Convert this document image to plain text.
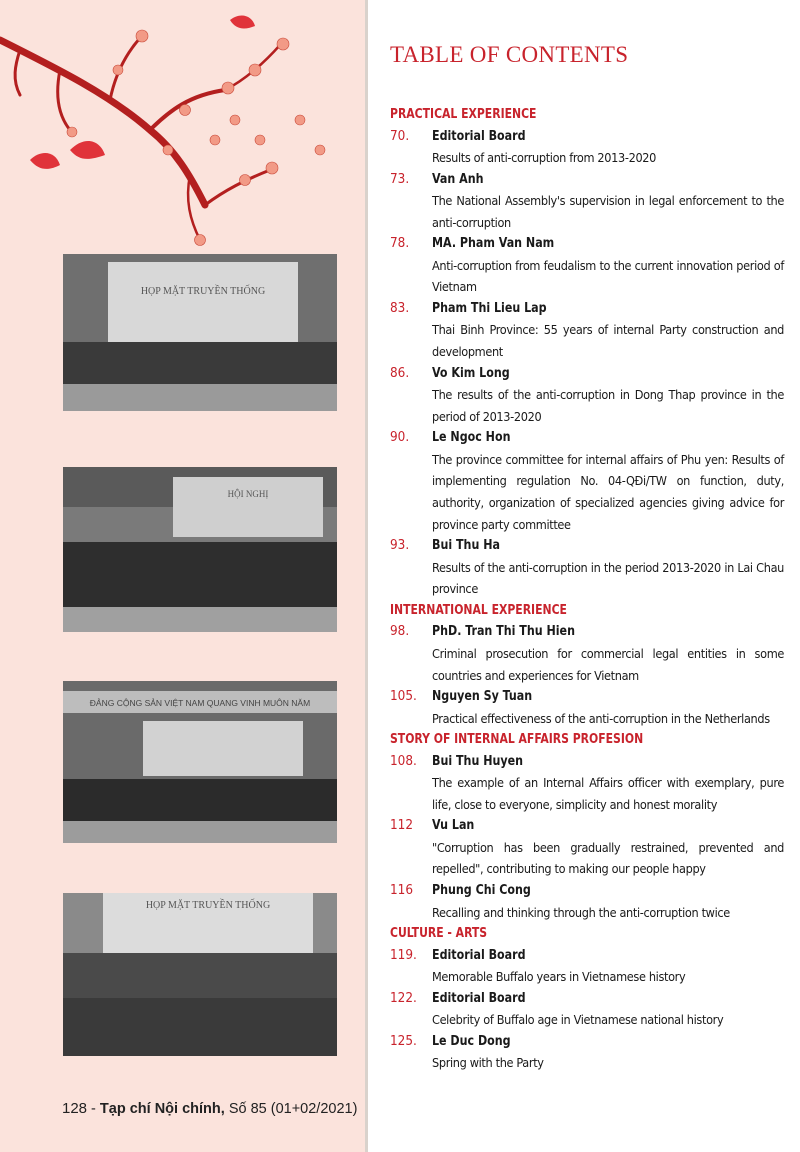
HỌP MẶT TRUYỀN THỐNG
HỘI NGHỊ
ĐẢNG CỘNG SẢN VIỆT NAM QUANG VINH MUÔN NĂM
HỌP MẶT TRUYỀN THỐNG
128 - Tạp chí Nội chính, Số 85 (01+02/2021)
TABLE OF CONTENTS
PRACTICAL EXPERIENCE
70.	Editorial Board
Results of anti-corruption from 2013-2020
73.	Van Anh
The National Assembly's supervision in legal enforcement to the anti-corruption
78.	MA. Pham Van Nam
Anti-corruption from feudalism to the current innovation period of Vietnam
83.	Pham Thi Lieu Lap
Thai Binh Province: 55 years of internal Party construction and development
86.	Vo Kim Long
The results of the anti-corruption in Dong Thap province in the period of 2013-2020
90.	Le Ngoc Hon
The province committee for internal affairs of Phu yen: Results of implementing regulation No. 04-QĐi/TW on function, duty, authority, organization of specialized agencies giving advice for province party committee
93.	Bui Thu Ha
Results of the anti-corruption in the period 2013-2020 in Lai Chau province
INTERNATIONAL EXPERIENCE
98.	PhD. Tran Thi Thu Hien
Criminal prosecution for commercial legal entities in some countries and experiences for Vietnam
105.	Nguyen Sy Tuan
Practical effectiveness of the anti-corruption in the Netherlands
STORY OF INTERNAL AFFAIRS PROFESION
108.	Bui Thu Huyen
The example of an Internal Affairs officer with exemplary, pure life, close to everyone, simplicity and honest morality
112	Vu Lan
"Corruption has been gradually restrained, prevented and repelled", contributing to making our people happy
116	Phung Chi Cong
Recalling and thinking through the anti-corruption twice
CULTURE - ARTS
119.	Editorial Board
Memorable Buffalo years in Vietnamese history
122.	Editorial Board
Celebrity of Buffalo age in Vietnamese national history
125.	Le Duc Dong
Spring with the Party
